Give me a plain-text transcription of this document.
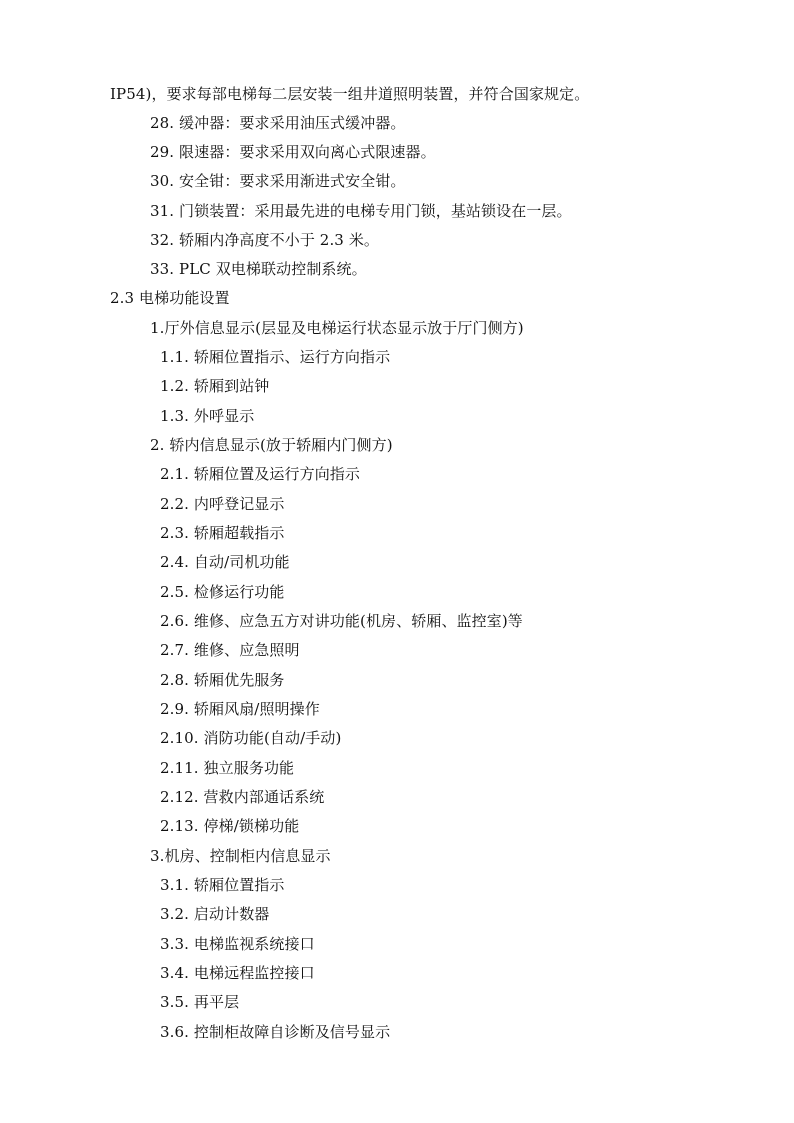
IP54)，要求每部电梯每二层安装一组井道照明装置，并符合国家规定。
28. 缓冲器：要求采用油压式缓冲器。
29. 限速器：要求采用双向离心式限速器。
30. 安全钳：要求采用渐进式安全钳。
31. 门锁装置：采用最先进的电梯专用门锁，基站锁设在一层。
32. 轿厢内净高度不小于 2.3 米。
33. PLC 双电梯联动控制系统。
2.3 电梯功能设置
1.厅外信息显示(层显及电梯运行状态显示放于厅门侧方)
1.1. 轿厢位置指示、运行方向指示
1.2. 轿厢到站钟
1.3. 外呼显示
2. 轿内信息显示(放于轿厢内门侧方)
2.1. 轿厢位置及运行方向指示
2.2. 内呼登记显示
2.3. 轿厢超载指示
2.4. 自动/司机功能
2.5. 检修运行功能
2.6. 维修、应急五方对讲功能(机房、轿厢、监控室)等
2.7. 维修、应急照明
2.8. 轿厢优先服务
2.9. 轿厢风扇/照明操作
2.10. 消防功能(自动/手动)
2.11. 独立服务功能
2.12. 营救内部通话系统
2.13. 停梯/锁梯功能
3.机房、控制柜内信息显示
3.1. 轿厢位置指示
3.2. 启动计数器
3.3. 电梯监视系统接口
3.4. 电梯远程监控接口
3.5. 再平层
3.6. 控制柜故障自诊断及信号显示
